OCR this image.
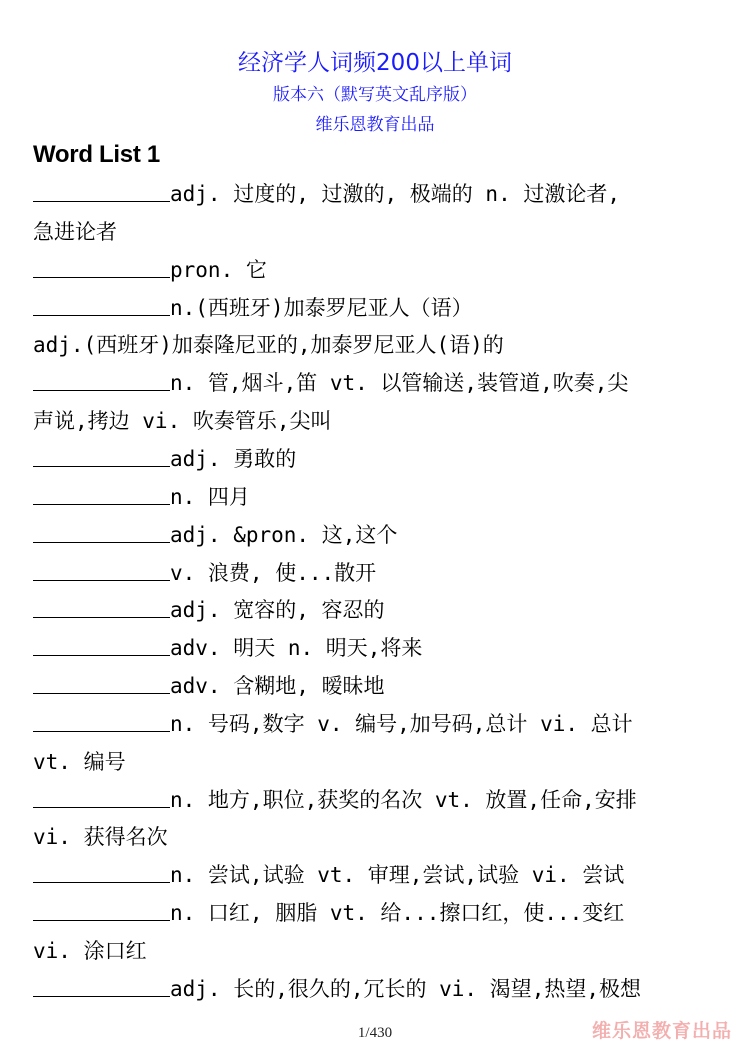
经济学人词频200以上单词
版本六（默写英文乱序版）
维乐恩教育出品
Word List 1
adj. 过度的, 过激的, 极端的 n. 过激论者,
急进论者
pron. 它
n.(西班牙)加泰罗尼亚人（语）
adj.(西班牙)加泰隆尼亚的,加泰罗尼亚人(语)的
n. 管,烟斗,笛 vt. 以管输送,装管道,吹奏,尖
声说,拷边 vi. 吹奏管乐,尖叫
adj. 勇敢的
n. 四月
adj. &pron. 这,这个
v. 浪费, 使...散开
adj. 宽容的, 容忍的
adv. 明天 n. 明天,将来
adv. 含糊地, 暧昧地
n. 号码,数字 v. 编号,加号码,总计 vi. 总计
vt. 编号
n. 地方,职位,获奖的名次 vt. 放置,任命,安排
vi. 获得名次
n. 尝试,试验 vt. 审理,尝试,试验 vi. 尝试
n. 口红, 胭脂 vt. 给...擦口红，使...变红
vi. 涂口红
adj. 长的,很久的,冗长的 vi. 渴望,热望,极想
1/430	维乐恩教育出品
